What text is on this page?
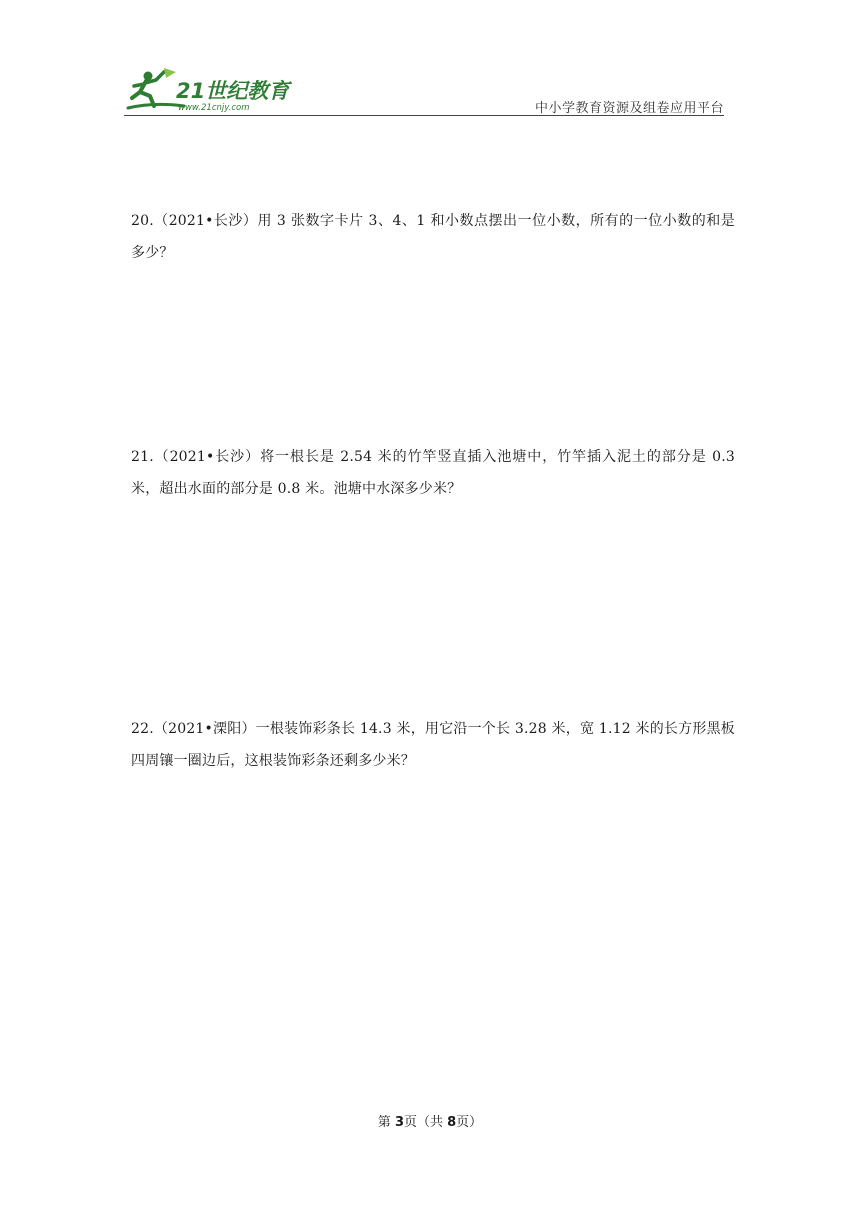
21世纪教育
www.21cnjy.com	中小学教育资源及组卷应用平台
20.（2021•长沙）用 3 张数字卡片 3、4、1 和小数点摆出一位小数，所有的一位小数的和是多少？
21.（2021•长沙）将一根长是 2.54 米的竹竿竖直插入池塘中，竹竿插入泥土的部分是 0.3 米，超出水面的部分是 0.8 米。池塘中水深多少米？
22.（2021•溧阳）一根装饰彩条长 14.3 米，用它沿一个长 3.28 米，宽 1.12 米的长方形黑板四周镶一圈边后，这根装饰彩条还剩多少米？
第 3页（共 8页）
